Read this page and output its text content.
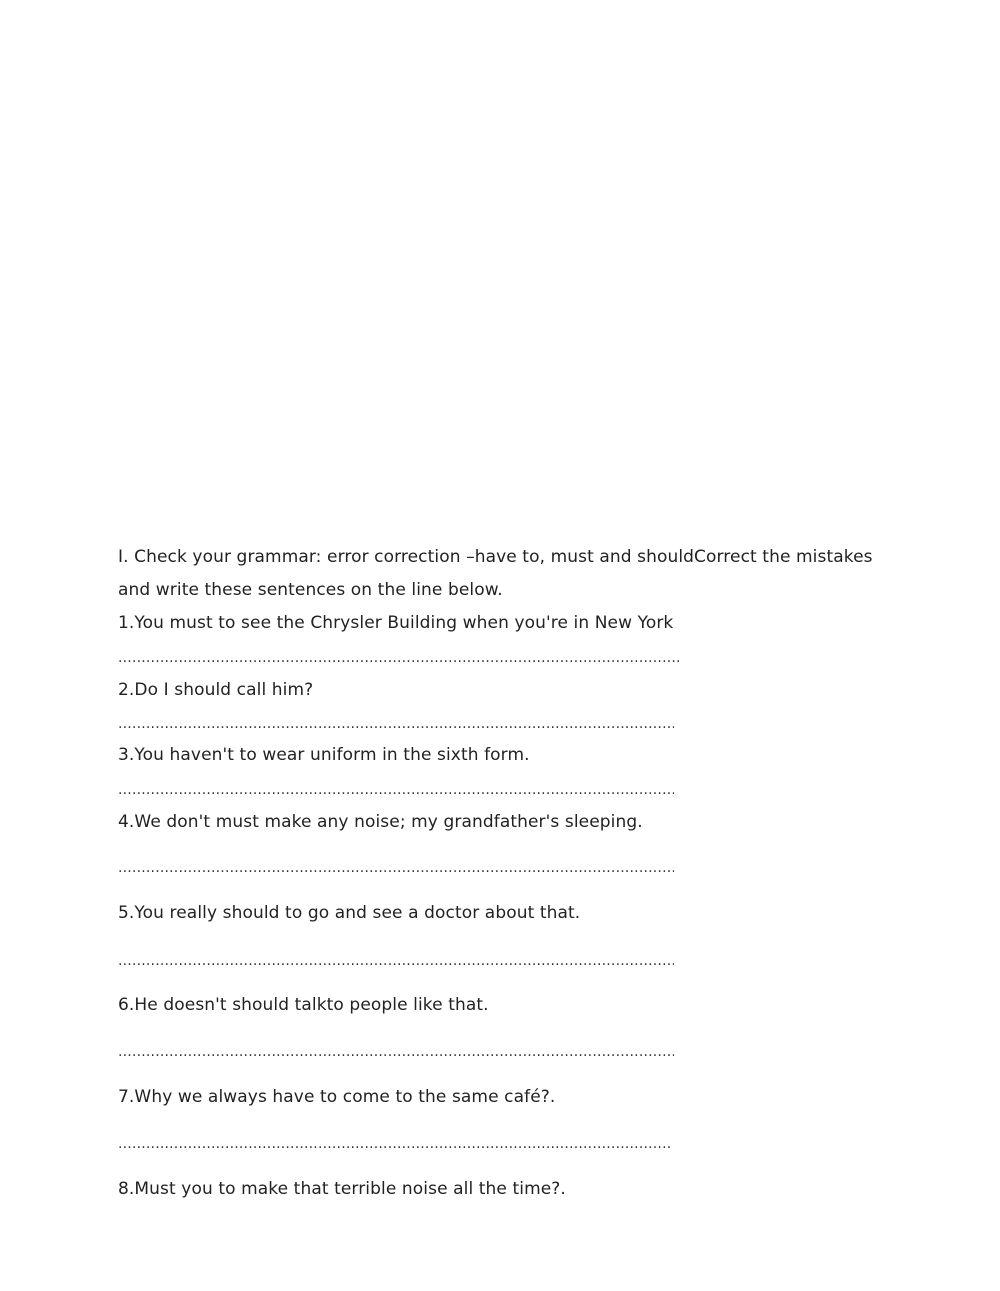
I. Check your grammar: error correction –have to, must and shouldCorrect the mistakes
and write these sentences on the line below.
1.You must to see the Chrysler Building when you're in New York
.....
2.Do I should call him?
.....
3.You haven't to wear uniform in the sixth form.
.....
4.We don't must make any noise; my grandfather's sleeping.
.....
5.You really should to go and see a doctor about that.
.....
6.He doesn't should talkto people like that.
.....
7.Why we always have to come to the same café?.
.....
8.Must you to make that terrible noise all the time?.
